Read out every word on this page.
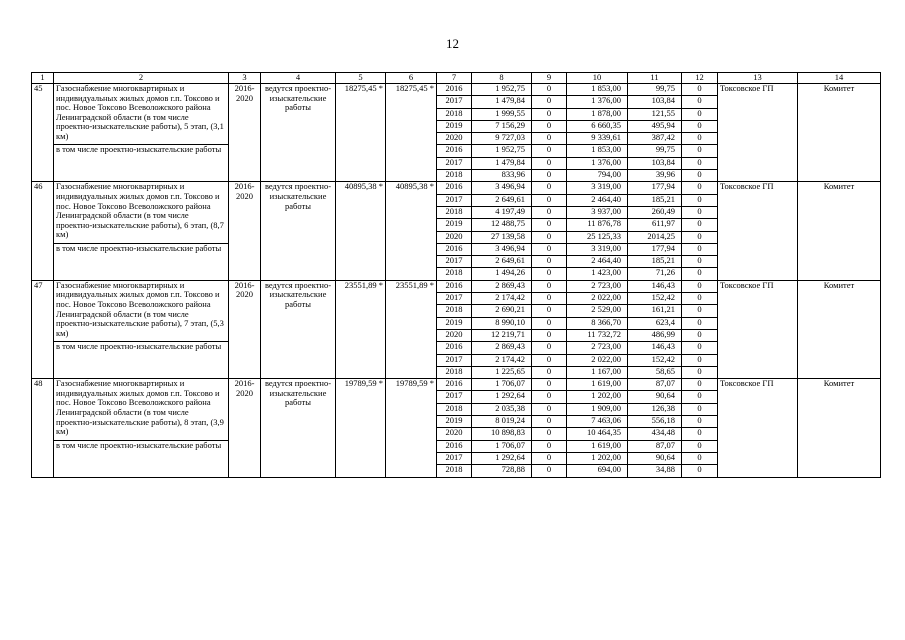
12
1	2	3	4	5	6	7	8	9	10	11	12	13	14
45	Газоснабжение многоквартирных и индивидуальных жилых домов г.п. Токсово и пос. Новое Токсово Всеволожского района Ленинградской области (в том числе проектно-изыскательские работы), 5 этап, (3,1 км)	2016-2020	ведутся проектно-изыскательские работы	18275,45 *	18275,45 *	2016	1 952,75	0	1 853,00	99,75	0	Токсовское ГП	Комитет
						2017	1 479,84	0	1 376,00	103,84	0		
						2018	1 999,55	0	1 878,00	121,55	0		
						2019	7 156,29	0	6 660,35	495,94	0		
						2020	9 727,03	0	9 339,61	387,42	0		
	в том числе проектно-изыскательские работы					2016	1 952,75	0	1 853,00	99,75	0		
						2017	1 479,84	0	1 376,00	103,84	0		
						2018	833,96	0	794,00	39,96	0		
46	Газоснабжение многоквартирных и индивидуальных жилых домов г.п. Токсово и пос. Новое Токсово Всеволожского района Ленинградской области (в том числе проектно-изыскательские работы), 6 этап, (8,7 км)	2016-2020	ведутся проектно-изыскательские работы	40895,38 *	40895,38 *	2016	3 496,94	0	3 319,00	177,94	0	Токсовское ГП	Комитет
						2017	2 649,61	0	2 464,40	185,21	0		
						2018	4 197,49	0	3 937,00	260,49	0		
						2019	12 488,75	0	11 876,78	611,97	0		
						2020	27 139,58	0	25 125,33	2014,25	0		
	в том числе проектно-изыскательские работы					2016	3 496,94	0	3 319,00	177,94	0		
						2017	2 649,61	0	2 464,40	185,21	0		
						2018	1 494,26	0	1 423,00	71,26	0		
47	Газоснабжение многоквартирных и индивидуальных жилых домов г.п. Токсово и пос. Новое Токсово Всеволожского района Ленинградской области (в том числе проектно-изыскательские работы), 7 этап, (5,3 км)	2016-2020	ведутся проектно-изыскательские работы	23551,89 *	23551,89 *	2016	2 869,43	0	2 723,00	146,43	0	Токсовское ГП	Комитет
						2017	2 174,42	0	2 022,00	152,42	0		
						2018	2 690,21	0	2 529,00	161,21	0		
						2019	8 990,10	0	8 366,70	623,4	0		
						2020	12 219,71	0	11 732,72	486,99	0		
	в том числе проектно-изыскательские работы					2016	2 869,43	0	2 723,00	146,43	0		
						2017	2 174,42	0	2 022,00	152,42	0		
						2018	1 225,65	0	1 167,00	58,65	0		
48	Газоснабжение многоквартирных и индивидуальных жилых домов г.п. Токсово и пос. Новое Токсово Всеволожского района Ленинградской области (в том числе проектно-изыскательские работы), 8 этап, (3,9 км)	2016-2020	ведутся проектно-изыскательские работы	19789,59 *	19789,59 *	2016	1 706,07	0	1 619,00	87,07	0	Токсовское ГП	Комитет
						2017	1 292,64	0	1 202,00	90,64	0		
						2018	2 035,38	0	1 909,00	126,38	0		
						2019	8 019,24	0	7 463,06	556,18	0		
						2020	10 898,83	0	10 464,35	434,48	0		
	в том числе проектно-изыскательские работы					2016	1 706,07	0	1 619,00	87,07	0		
						2017	1 292,64	0	1 202,00	90,64	0		
						2018	728,88	0	694,00	34,88	0		
